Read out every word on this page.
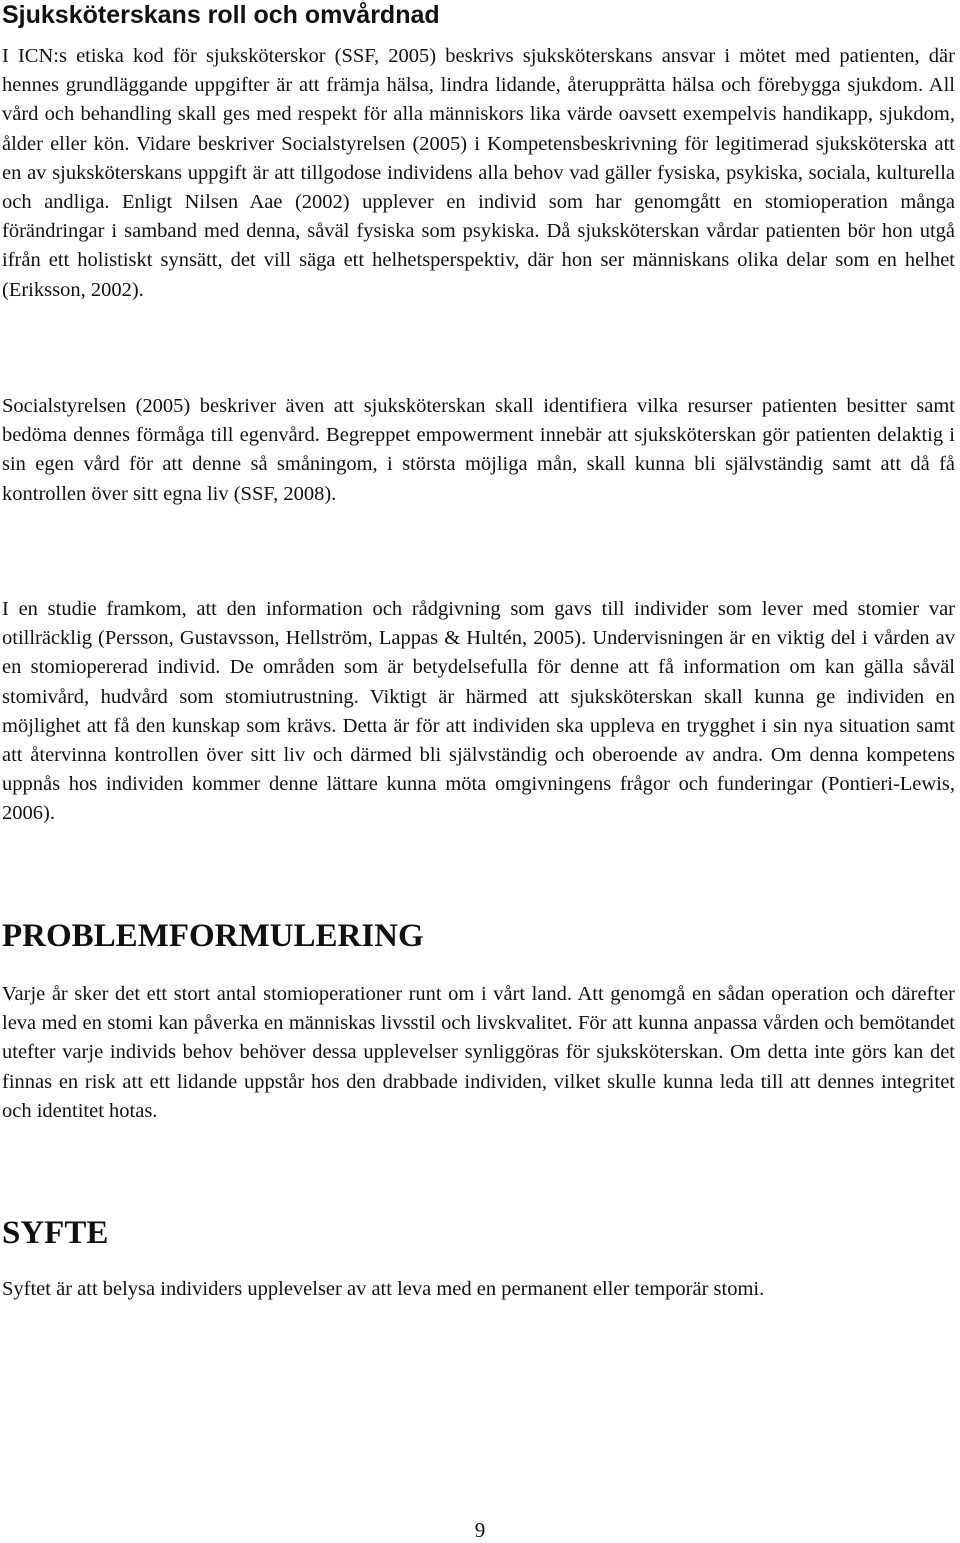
Sjuksköterskans roll och omvårdnad

I ICN:s etiska kod för sjuksköterskor (SSF, 2005) beskrivs sjuksköterskans ansvar i mötet med patienten, där hennes grundläggande uppgifter är att främja hälsa, lindra lidande, återupprätta hälsa och förebygga sjukdom. All vård och behandling skall ges med respekt för alla människors lika värde oavsett exempelvis handikapp, sjukdom, ålder eller kön. Vidare beskriver Socialstyrelsen (2005) i Kompetensbeskrivning för legitimerad sjuksköterska att en av sjuksköterskans uppgift är att tillgodose individens alla behov vad gäller fysiska, psykiska, sociala, kulturella och andliga. Enligt Nilsen Aae (2002) upplever en individ som har genomgått en stomioperation många förändringar i samband med denna, såväl fysiska som psykiska. Då sjuksköterskan vårdar patienten bör hon utgå ifrån ett holistiskt synsätt, det vill säga ett helhetsperspektiv, där hon ser människans olika delar som en helhet (Eriksson, 2002).

Socialstyrelsen (2005) beskriver även att sjuksköterskan skall identifiera vilka resurser patienten besitter samt bedöma dennes förmåga till egenvård. Begreppet empowerment innebär att sjuksköterskan gör patienten delaktig i sin egen vård för att denne så småningom, i största möjliga mån, skall kunna bli självständig samt att då få kontrollen över sitt egna liv (SSF, 2008).

I en studie framkom, att den information och rådgivning som gavs till individer som lever med stomier var otillräcklig (Persson, Gustavsson, Hellström, Lappas & Hultén, 2005). Undervisningen är en viktig del i vården av en stomiopererad individ. De områden som är betydelsefulla för denne att få information om kan gälla såväl stomivård, hudvård som stomiutrustning. Viktigt är härmed att sjuksköterskan skall kunna ge individen en möjlighet att få den kunskap som krävs. Detta är för att individen ska uppleva en trygghet i sin nya situation samt att återvinna kontrollen över sitt liv och därmed bli självständig och oberoende av andra. Om denna kompetens uppnås hos individen kommer denne lättare kunna möta omgivningens frågor och funderingar (Pontieri-Lewis, 2006).

PROBLEMFORMULERING

Varje år sker det ett stort antal stomioperationer runt om i vårt land. Att genomgå en sådan operation och därefter leva med en stomi kan påverka en människas livsstil och livskvalitet. För att kunna anpassa vården och bemötandet utefter varje individs behov behöver dessa upplevelser synliggöras för sjuksköterskan. Om detta inte görs kan det finnas en risk att ett lidande uppstår hos den drabbade individen, vilket skulle kunna leda till att dennes integritet och identitet hotas.

SYFTE

Syftet är att belysa individers upplevelser av att leva med en permanent eller temporär stomi.

9
